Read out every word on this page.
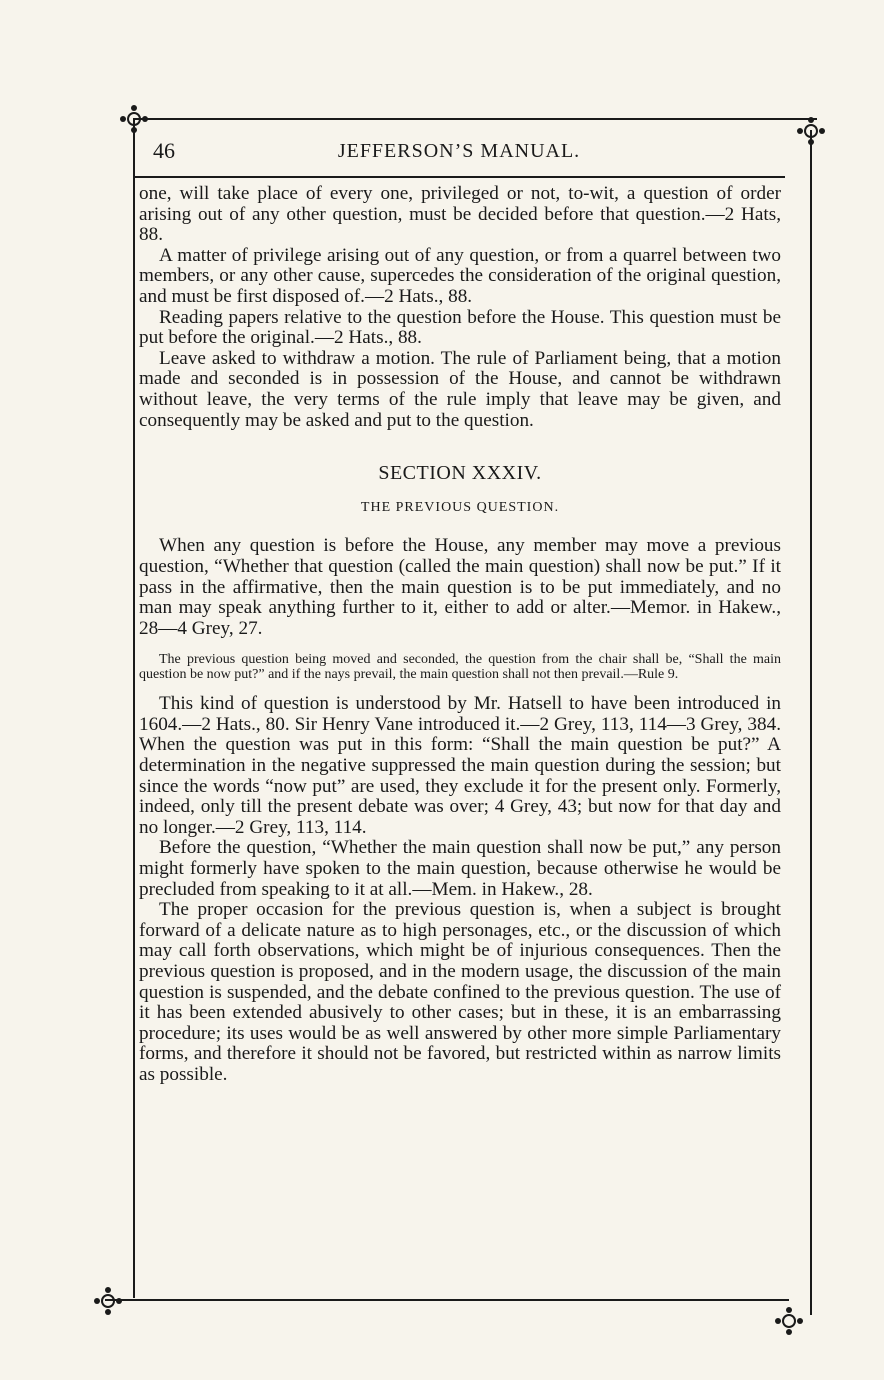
46	JEFFERSON’S MANUAL.

one, will take place of every one, privileged or not, to-wit, a question of order arising out of any other question, must be decided before that question.—2 Hats, 88.

A matter of privilege arising out of any question, or from a quarrel between two members, or any other cause, supercedes the consideration of the original question, and must be first disposed of.—2 Hats., 88.

Reading papers relative to the question before the House. This question must be put before the original.—2 Hats., 88.

Leave asked to withdraw a motion. The rule of Parliament being, that a motion made and seconded is in possession of the House, and cannot be withdrawn without leave, the very terms of the rule imply that leave may be given, and consequently may be asked and put to the question.

SECTION XXXIV.
THE PREVIOUS QUESTION.

When any question is before the House, any member may move a previous question, “Whether that question (called the main question) shall now be put.” If it pass in the affirmative, then the main question is to be put immediately, and no man may speak anything further to it, either to add or alter.—Memor. in Hakew., 28—4 Grey, 27.

The previous question being moved and seconded, the question from the chair shall be, “Shall the main question be now put?” and if the nays prevail, the main question shall not then prevail.—Rule 9.

This kind of question is understood by Mr. Hatsell to have been introduced in 1604.—2 Hats., 80. Sir Henry Vane introduced it.—2 Grey, 113, 114—3 Grey, 384. When the question was put in this form: “Shall the main question be put?” A determination in the negative suppressed the main question during the session; but since the words “now put” are used, they exclude it for the present only. Formerly, indeed, only till the present debate was over; 4 Grey, 43; but now for that day and no longer.—2 Grey, 113, 114.

Before the question, “Whether the main question shall now be put,” any person might formerly have spoken to the main question, because otherwise he would be precluded from speaking to it at all.—Mem. in Hakew., 28.

The proper occasion for the previous question is, when a subject is brought forward of a delicate nature as to high personages, etc., or the discussion of which may call forth observations, which might be of injurious consequences. Then the previous question is proposed, and in the modern usage, the discussion of the main question is suspended, and the debate confined to the previous question. The use of it has been extended abusively to other cases; but in these, it is an embarrassing procedure; its uses would be as well answered by other more simple Parliamentary forms, and therefore it should not be favored, but restricted within as narrow limits as possible.
